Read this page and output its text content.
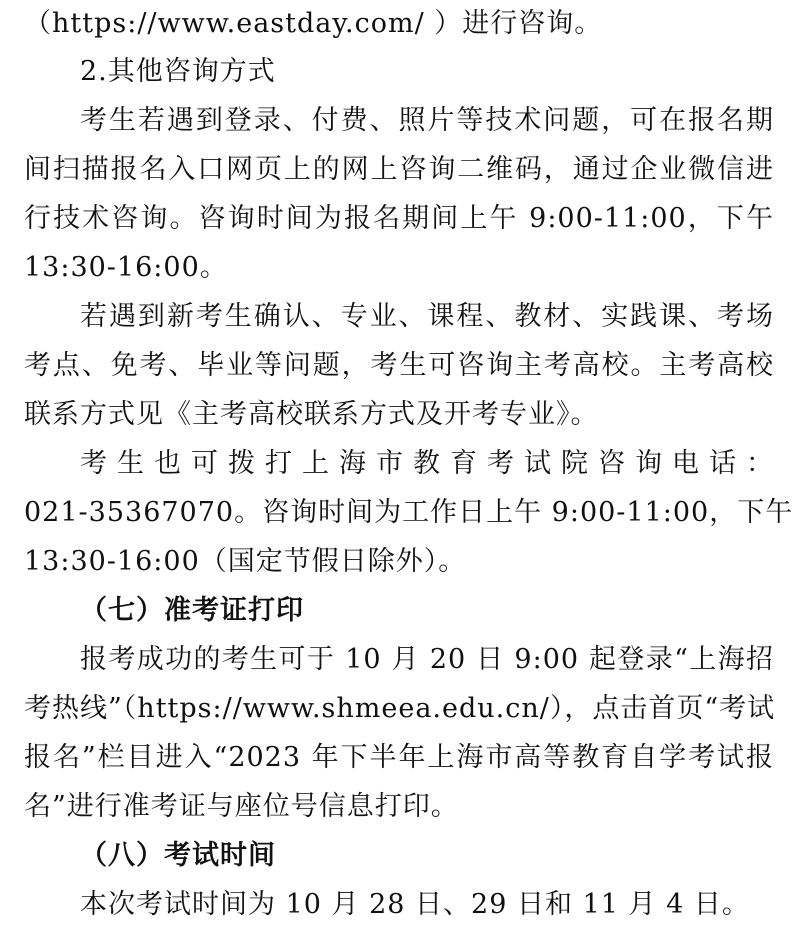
（https://www.eastday.com/ ）进行咨询。
2.其他咨询方式
考生若遇到登录、付费、照片等技术问题，可在报名期
间扫描报名入口网页上的网上咨询二维码，通过企业微信进
行技术咨询。咨询时间为报名期间上午 9:00-11:00，下午
13:30-16:00。
若遇到新考生确认、专业、课程、教材、实践课、考场
考点、免考、毕业等问题，考生可咨询主考高校。主考高校
联系方式见《主考高校联系方式及开考专业》。
考生也可拨打上海市教育考试院咨询电话：
021-35367070。咨询时间为工作日上午 9:00-11:00，下午
13:30-16:00（国定节假日除外）。
（七）准考证打印
报考成功的考生可于 10 月 20 日 9:00 起登录“上海招
考热线”（https://www.shmeea.edu.cn/），点击首页“考试
报名”栏目进入“2023 年下半年上海市高等教育自学考试报
名”进行准考证与座位号信息打印。
（八）考试时间
本次考试时间为 10 月 28 日、29 日和 11 月 4 日。
